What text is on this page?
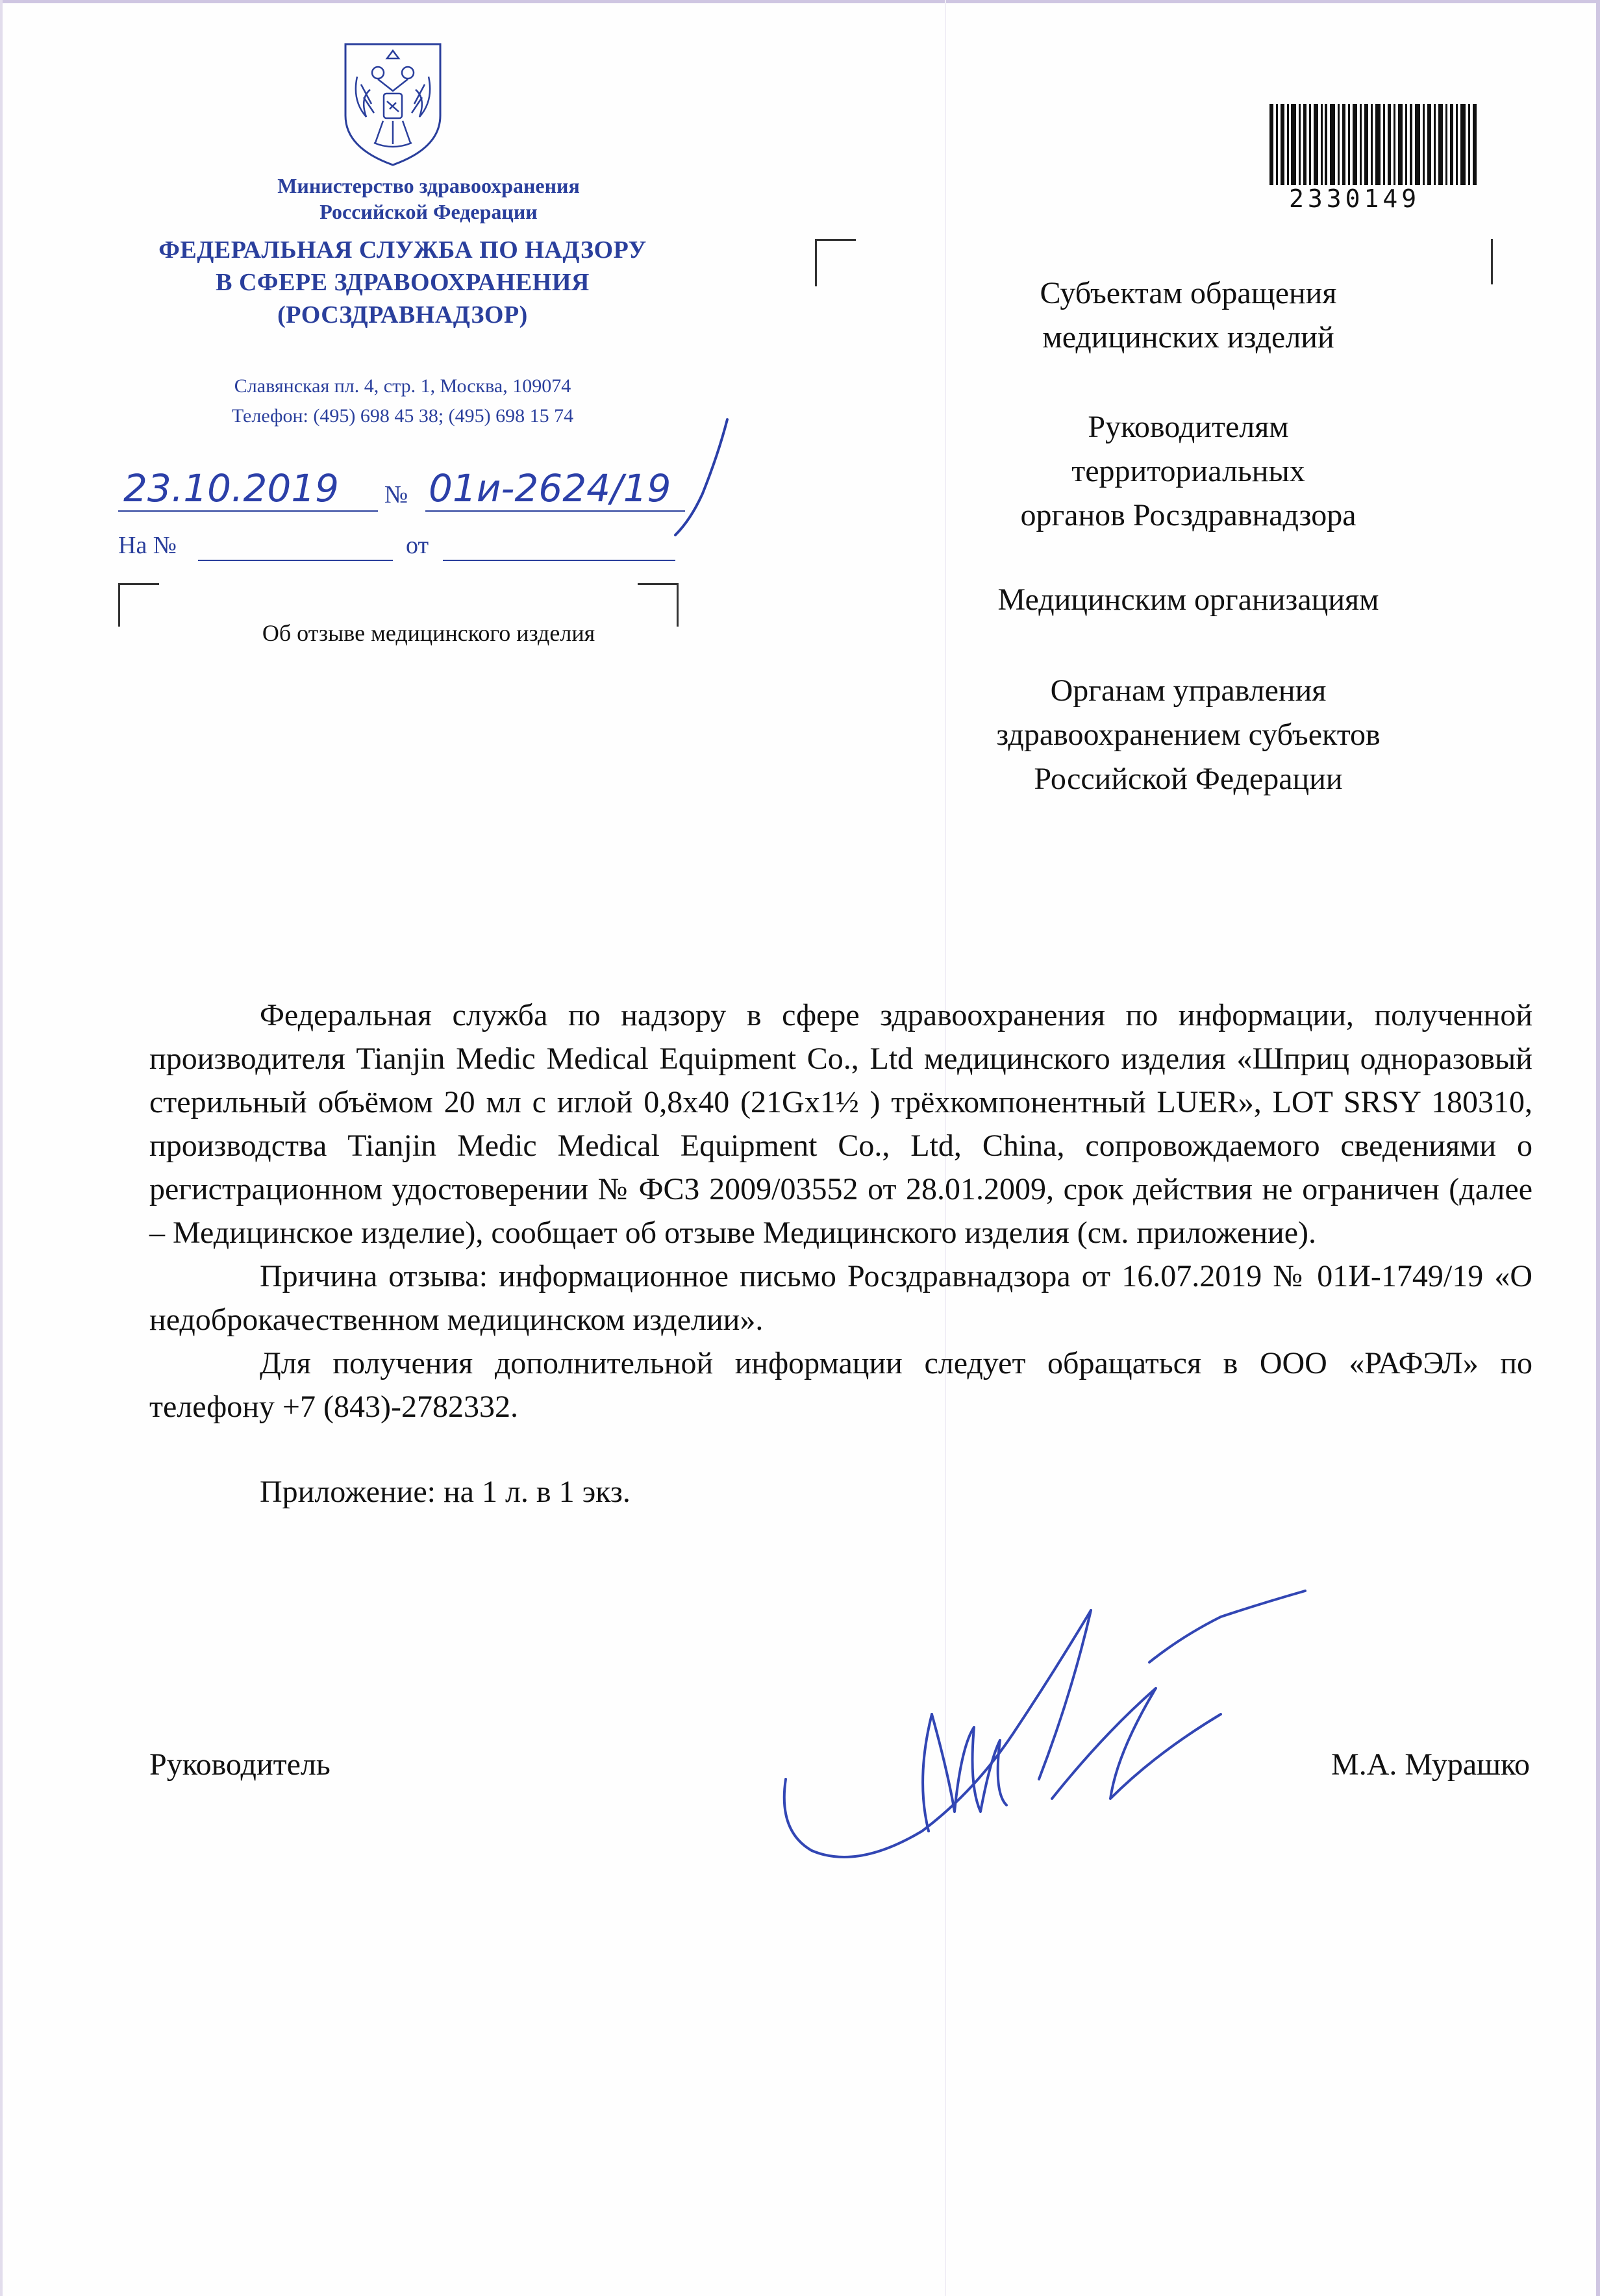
Министерство здравоохранения
Российской Федерации
ФЕДЕРАЛЬНАЯ СЛУЖБА ПО НАДЗОРУ
В СФЕРЕ ЗДРАВООХРАНЕНИЯ
(РОСЗДРАВНАДЗОР)
Славянская пл. 4, стр. 1, Москва, 109074
Телефон: (495) 698 45 38; (495) 698 15 74
23.10.2019 № 01и-2624/19
На №	от
Об отзыве медицинского изделия
2330149
Субъектам обращения
медицинских изделий
Руководителям
территориальных
органов Росздравнадзора
Медицинским организациям
Органам управления
здравоохранением субъектов
Российской Федерации

Федеральная служба по надзору в сфере здравоохранения по информации, полученной производителя Tianjin Medic Medical Equipment Co., Ltd медицинского изделия «Шприц одноразовый стерильный объёмом 20 мл с иглой 0,8x40 (21Gx1½ ) трёхкомпонентный LUER», LOT SRSY 180310, производства Tianjin Medic Medical Equipment Co., Ltd, China, сопровождаемого сведениями о регистрационном удостоверении № ФСЗ 2009/03552 от 28.01.2009, срок действия не ограничен (далее – Медицинское изделие), сообщает об отзыве Медицинского изделия (см. приложение).

Причина отзыва: информационное письмо Росздравнадзора от 16.07.2019 № 01И-1749/19 «О недоброкачественном медицинском изделии».

Для получения дополнительной информации следует обращаться в ООО «РАФЭЛ» по телефону +7 (843)-2782332.

Приложение: на 1 л. в 1 экз.

Руководитель	М.А. Мурашко
